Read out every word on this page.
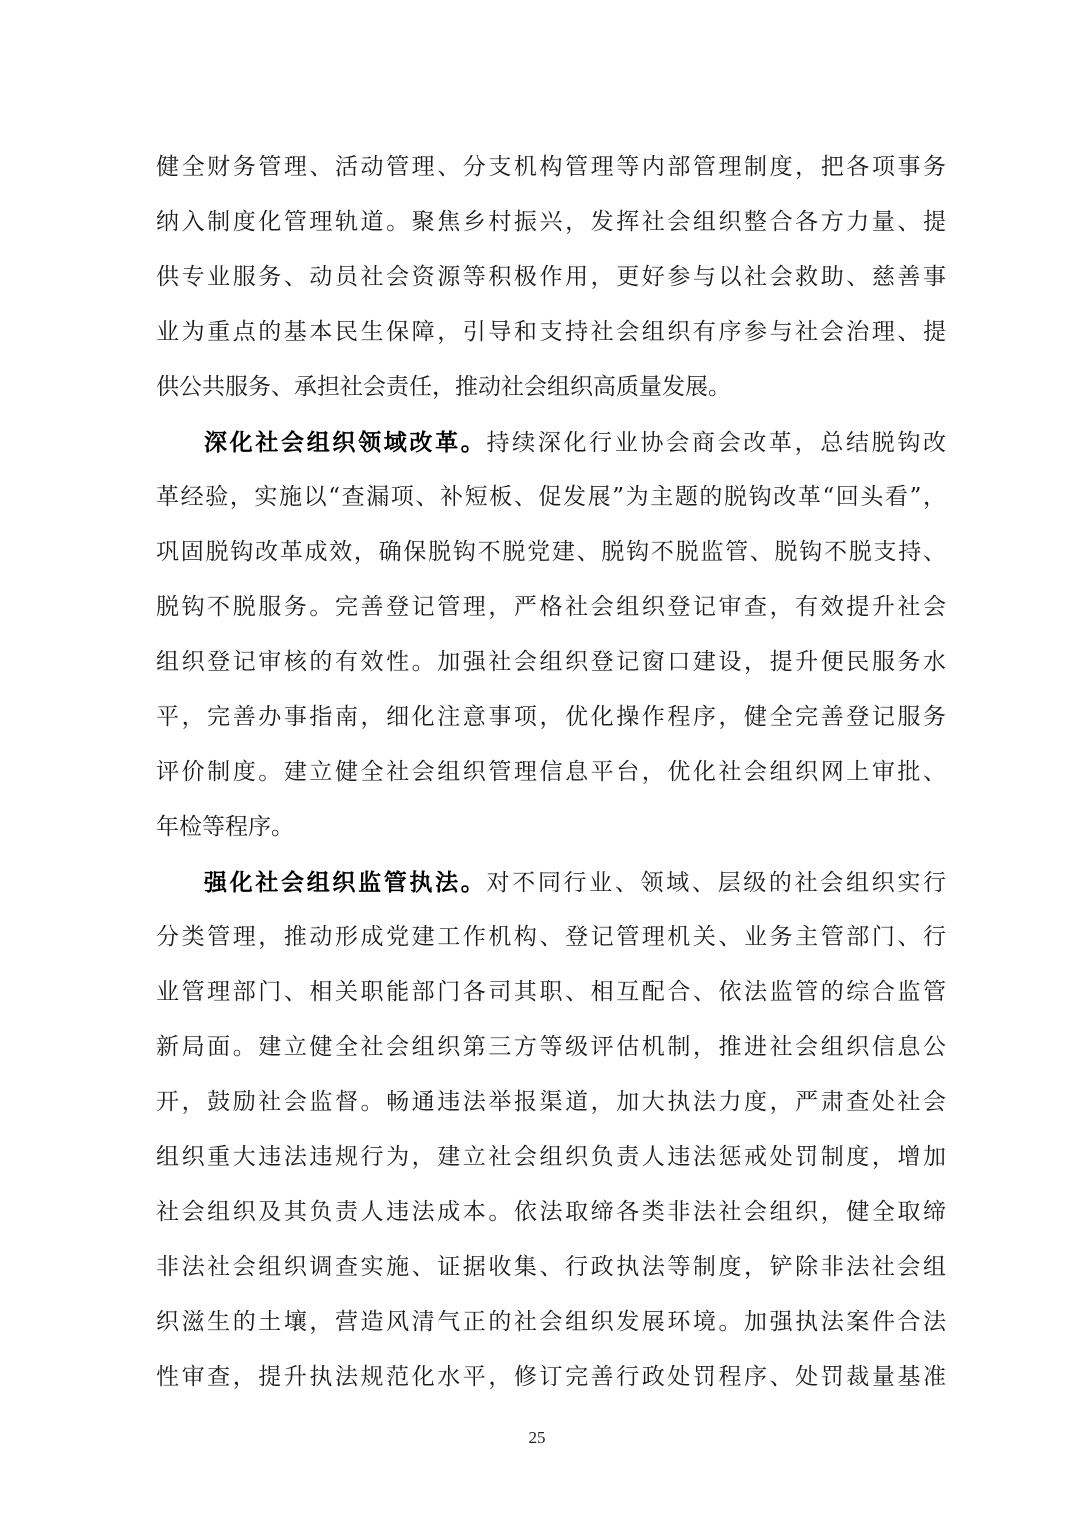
健全财务管理、活动管理、分支机构管理等内部管理制度，把各项事务
纳入制度化管理轨道。聚焦乡村振兴，发挥社会组织整合各方力量、提
供专业服务、动员社会资源等积极作用，更好参与以社会救助、慈善事
业为重点的基本民生保障，引导和支持社会组织有序参与社会治理、提
供公共服务、承担社会责任，推动社会组织高质量发展。
深化社会组织领域改革。持续深化行业协会商会改革，总结脱钩改
革经验，实施以“查漏项、补短板、促发展”为主题的脱钩改革“回头看”，
巩固脱钩改革成效，确保脱钩不脱党建、脱钩不脱监管、脱钩不脱支持、
脱钩不脱服务。完善登记管理，严格社会组织登记审查，有效提升社会
组织登记审核的有效性。加强社会组织登记窗口建设，提升便民服务水
平，完善办事指南，细化注意事项，优化操作程序，健全完善登记服务
评价制度。建立健全社会组织管理信息平台，优化社会组织网上审批、
年检等程序。
强化社会组织监管执法。对不同行业、领域、层级的社会组织实行
分类管理，推动形成党建工作机构、登记管理机关、业务主管部门、行
业管理部门、相关职能部门各司其职、相互配合、依法监管的综合监管
新局面。建立健全社会组织第三方等级评估机制，推进社会组织信息公
开，鼓励社会监督。畅通违法举报渠道，加大执法力度，严肃查处社会
组织重大违法违规行为，建立社会组织负责人违法惩戒处罚制度，增加
社会组织及其负责人违法成本。依法取缔各类非法社会组织，健全取缔
非法社会组织调查实施、证据收集、行政执法等制度，铲除非法社会组
织滋生的土壤，营造风清气正的社会组织发展环境。加强执法案件合法
性审查，提升执法规范化水平，修订完善行政处罚程序、处罚裁量基准
25
